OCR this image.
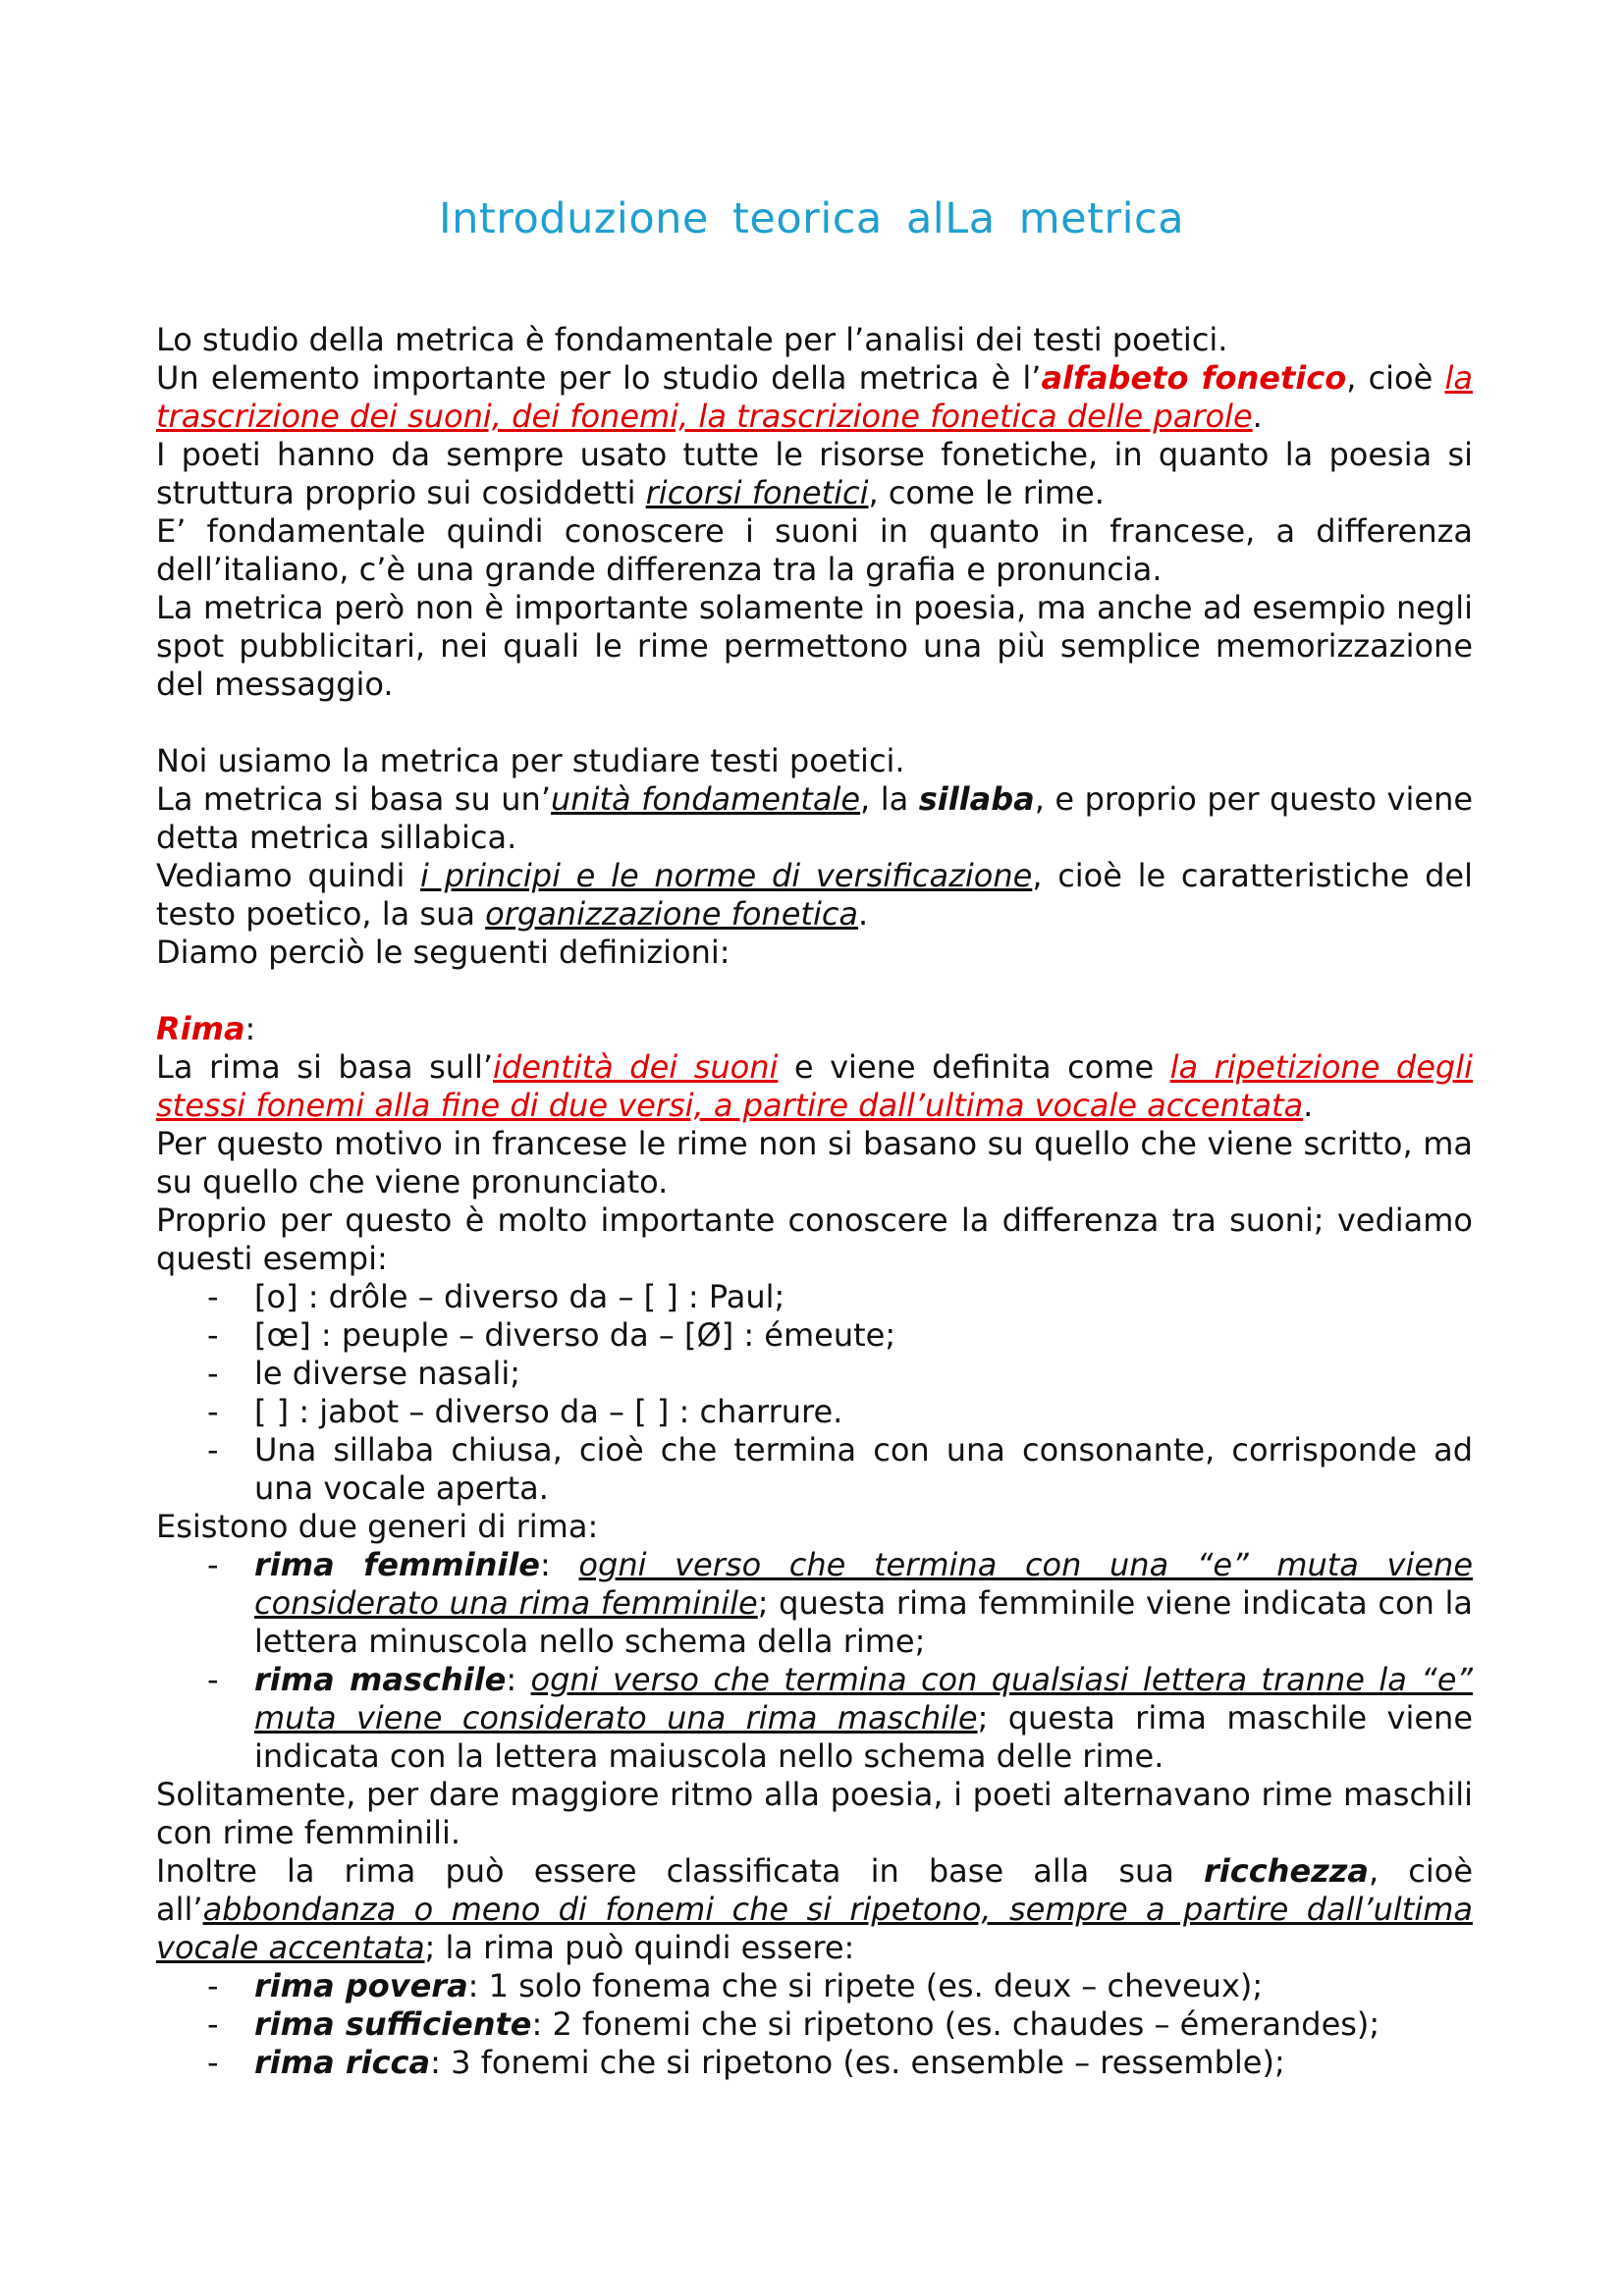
Introduzione teorica alLa metrica

Lo studio della metrica è fondamentale per l’analisi dei testi poetici.

Un elemento importante per lo studio della metrica è l’alfabeto fonetico, cioè la trascrizione dei suoni, dei fonemi, la trascrizione fonetica delle parole.

I poeti hanno da sempre usato tutte le risorse fonetiche, in quanto la poesia si struttura proprio sui cosiddetti ricorsi fonetici, come le rime.

E’ fondamentale quindi conoscere i suoni in quanto in francese, a differenza dell’italiano, c’è una grande differenza tra la grafia e pronuncia.

La metrica però non è importante solamente in poesia, ma anche ad esempio negli spot pubblicitari, nei quali le rime permettono una più semplice memorizzazione del messaggio.

Noi usiamo la metrica per studiare testi poetici.

La metrica si basa su un’unità fondamentale, la sillaba, e proprio per questo viene detta metrica sillabica.

Vediamo quindi i principi e le norme di versificazione, cioè le caratteristiche del testo poetico, la sua organizzazione fonetica.

Diamo perciò le seguenti definizioni:

Rima:

La rima si basa sull’identità dei suoni e viene definita come la ripetizione degli stessi fonemi alla fine di due versi, a partire dall’ultima vocale accentata.

Per questo motivo in francese le rime non si basano su quello che viene scritto, ma su quello che viene pronunciato.

Proprio per questo è molto importante conoscere la differenza tra suoni; vediamo questi esempi:

- [o] : drôle – diverso da – [ ] : Paul;
- [œ] : peuple – diverso da – [Ø] : émeute;
- le diverse nasali;
- [ ] : jabot – diverso da – [ ] : charrure.
- Una sillaba chiusa, cioè che termina con una consonante, corrisponde ad una vocale aperta.

Esistono due generi di rima:

- rima femminile: ogni verso che termina con una “e” muta viene considerato una rima femminile; questa rima femminile viene indicata con la lettera minuscola nello schema della rime;
- rima maschile: ogni verso che termina con qualsiasi lettera tranne la “e” muta viene considerato una rima maschile; questa rima maschile viene indicata con la lettera maiuscola nello schema delle rime.

Solitamente, per dare maggiore ritmo alla poesia, i poeti alternavano rime maschili con rime femminili.

Inoltre la rima può essere classificata in base alla sua ricchezza, cioè all’abbondanza o meno di fonemi che si ripetono, sempre a partire dall’ultima vocale accentata; la rima può quindi essere:

- rima povera: 1 solo fonema che si ripete (es. deux – cheveux);
- rima sufficiente: 2 fonemi che si ripetono (es. chaudes – émerandes);
- rima ricca: 3 fonemi che si ripetono (es. ensemble – ressemble);
